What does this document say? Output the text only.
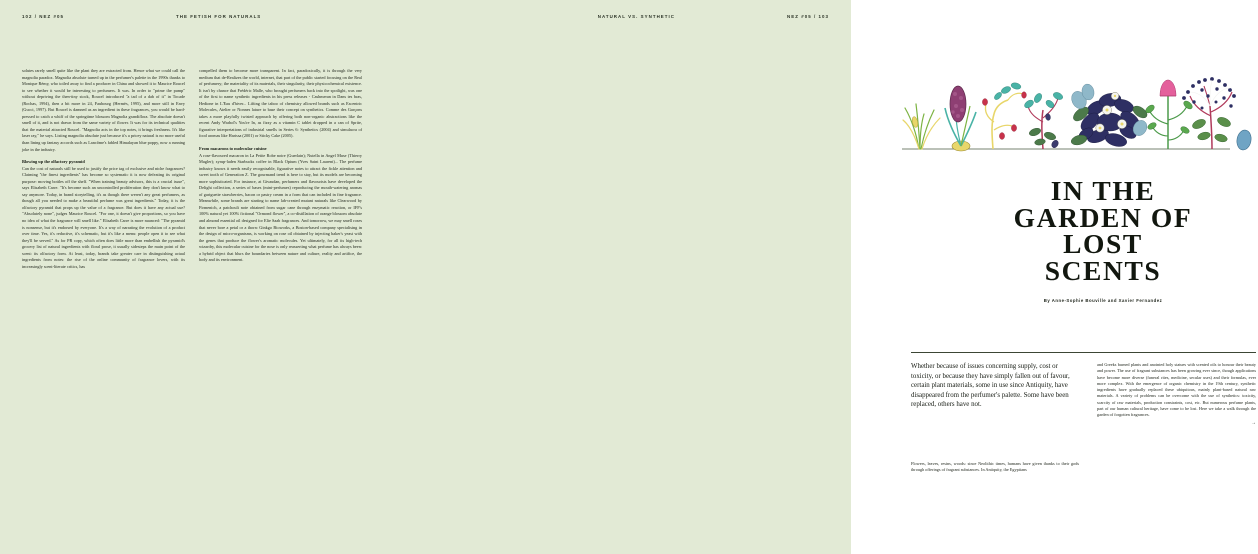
102 / NEZ #05	THE FETISH FOR NATURALS	NATURAL VS. SYNTHETIC	NEZ #05 / 103

solutes rarely smell quite like the plant they are extracted from. Hence what we could call the magnolia paradox. Magnolia absolute turned up in the perfumer's palette in the 1990s thanks to Monique Rémy, who toiled away to find a producer in China and showed it to Maurice Roucel to see whether it would be interesting to perfumers. It was. In order to "prime the pump" without depriving the then-tiny stock, Roucel introduced "a tad of a dab of it" in Tocade (Rochas, 1994), then a bit more in 24, Faubourg (Hermès, 1995), and more still in Envy (Gucci, 1997). But Roucel is damned as an ingredient in these fragrances, you would be hard-pressed to catch a whiff of the springtime blossom Magnolia grandiflora. The absolute doesn't smell of it, and is not drawn from the same variety of flower. It was for its technical qualities that the material attracted Roucel. "Magnolia acts in the top notes, it brings freshness. It's like laser ray," he says. Listing magnolia absolute just because it's a pricey natural is no more useful than lining up fantasy accords such as Lancôme's fabled Himalayan blue poppy, now a running joke in the industry.

Blowing up the olfactory pyramid

Can the cost of naturals still be used to justify the price tag of exclusive and niche fragrances? Claiming "the finest ingredients" has become so systematic it is now defeating its original purpose: moving bottles off the shelf. "When training beauty advisors, this is a crucial issue", says Elisabeth Carre. "It's become such an uncontrolled proliferation they don't know what to say anymore. Today, in brand storytelling, it's as though there weren't any great perfumers, as though all you needed to make a beautiful perfume was great ingredients." Today, it is the olfactory pyramid that props up the value of a fragrance. But does it have any actual use? "Absolutely none", judges Maurice Roucel. "For one, it doesn't give proportions, so you have no idea of what the fragrance will smell like." Elisabeth Carre is more nuanced: "The pyramid is nonsense, but it's endorsed by everyone. It's a way of narrating the evolution of a product over time. Yes, it's reductive, it's schematic, but it's like a menu: people open it to see what they'll be served." As for PR copy, which often does little more than embellish the pyramid's grocery list of natural ingredients with floral prose, it usually sidesteps the main point of the scent: its olfactory form. At least, today, brands take greater care in distinguishing actual ingredients from notes: the rise of the online community of fragrance lovers, with its increasingly scent-literate critics, has

compelled them to become more transparent. In fact, paradoxically, it is through the very medium that de-Realizes the world, internet, that part of the public started focusing on the Real of perfumery; the materiality of its materials, their singularity, their physicochemical existence. It isn't by chance that Frédéric Malle, who brought perfumers back into the spotlight, was one of the first to name synthetic ingredients in his press releases - Cashmeran in Dans tes bras, Hedione in L'Eau d'hiver... Lifting the taboo of chemistry allowed brands such as Escentric Molecules, Atelier or Nonnes lature to base their concept on synthetics. Comme des Garçons takes a more playfully twisted approach by offering both non-organic abstractions like the recent Andy Warhol's You're In, as fizzy as a vitamin C tablet dropped in a can of Sprite, figurative interpretations of industrial smells in Series 6: Synthetics (2004) and simulacra of food aromas like Harissa (2001) or Sticky Cake (2005).

From macarons to molecular cuisine

A rose-flavoured macaron in La Petite Robe noire (Guerlain); Nutella in Angel Muse (Thierry Mugler); syrup-laden Starbucks coffee in Black Opium (Yves Saint Laurent)... The perfume industry knows it needs easily recognisable, figurative notes to attract the fickle attention and sweet tooth of Generation Z. The gourmand trend is here to stay, but its models are becoming more sophisticated. For instance, at Givaudan, perfumers and flavourists have developed the Delight collection, a series of bases (mini-perfumes) reproducing the mouth-watering aromas of gariguette strawberries, bacon or pastry cream in a form that can included in fine fragrance. Meanwhile, some brands are starting to name lab-created mutant naturals like Clearwood by Firmenich, a patchouli note obtained from sugar cane through enzymatic reaction, or IFF's 100% natural yet 100% fictional "Ormond flower", a co-distillation of orange blossom absolute and almond essential oil designed for Elie Saab fragrances. And tomorrow, we may smell roses that never bore a petal or a thorn: Ginkgo Bioworks, a Boston-based company specialising in the design of micro-organisms, is working on rose oil obtained by injecting baker's yeast with the genes that produce the flower's aromatic molecules. Yet ultimately, for all its high-tech wizardry, this molecular cuisine for the nose is only reasserting what perfume has always been: a hybrid object that blurs the boundaries between nature and culture, reality and artifice, the body and its environment.

IN THE
GARDEN OF
LOST
SCENTS
By Anne-Sophie Bouville and Xavier Fernandez
Whether because of issues concerning supply, cost or toxicity, or because they have simply fallen out of favour, certain plant materials, some in use since Antiquity, have disappeared from the perfumer's palette. Some have been replaced, others have not.

and Greeks burned plants and anointed holy statues with scented oils to honour their beauty and power. The use of fragrant substances has been growing ever since, though applications have become more diverse (funeral rites, medicine, secular uses) and their formulas, ever more complex. With the emergence of organic chemistry in the 19th century, synthetic ingredients have gradually replaced these ubiquitous, mainly plant-based natural raw materials. A variety of problems can be overcome with the use of synthetics: toxicity, scarcity of raw materials, production constraints, cost, etc. But numerous perfume plants, part of our human cultural heritage, have come to be lost. Here we take a walk through the garden of forgotten fragrances.

→
Flowers, leaves, resins, woods: since Neolithic times, humans have given thanks to their gods through offerings of fragrant substances. In Antiquity, the Egyptians
